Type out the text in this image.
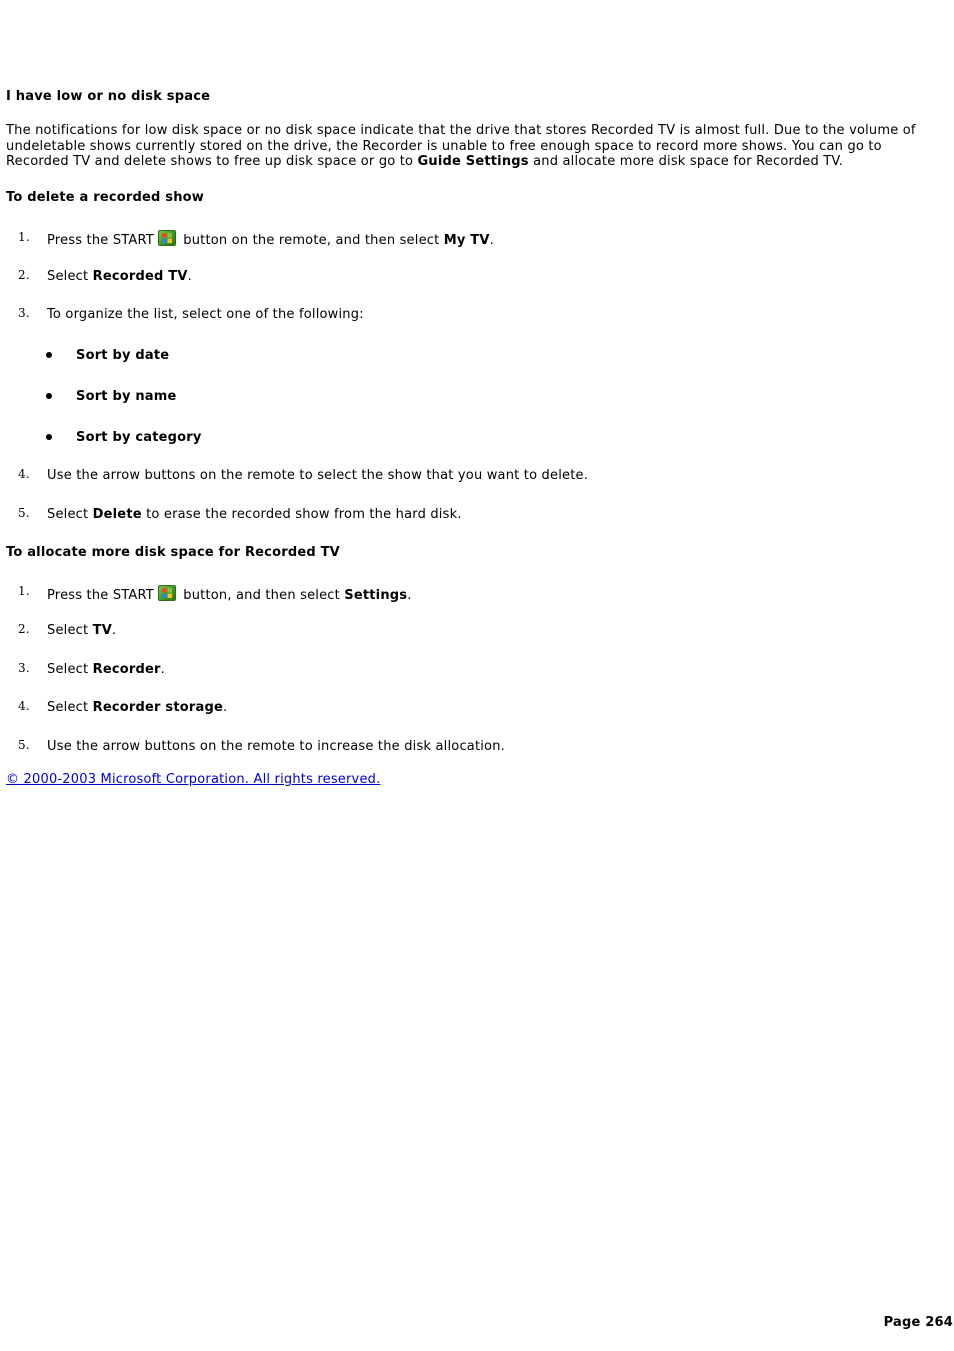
I have low or no disk space
The notifications for low disk space or no disk space indicate that the drive that stores Recorded TV is almost full. Due to the volume of undeletable shows currently stored on the drive, the Recorder is unable to free enough space to record more shows. You can go to Recorded TV and delete shows to free up disk space or go to Guide Settings and allocate more disk space for Recorded TV.
To delete a recorded show
1. Press the START
button on the remote, and then select My TV.
2. Select Recorded TV.
3. To organize the list, select one of the following:
Sort by date
Sort by name
Sort by category
4. Use the arrow buttons on the remote to select the show that you want to delete.
5. Select Delete to erase the recorded show from the hard disk.
To allocate more disk space for Recorded TV
1. Press the START
button, and then select Settings.
2. Select TV.
3. Select Recorder.
4. Select Recorder storage.
5. Use the arrow buttons on the remote to increase the disk allocation.
© 2000-2003 Microsoft Corporation. All rights reserved.
Page 264
